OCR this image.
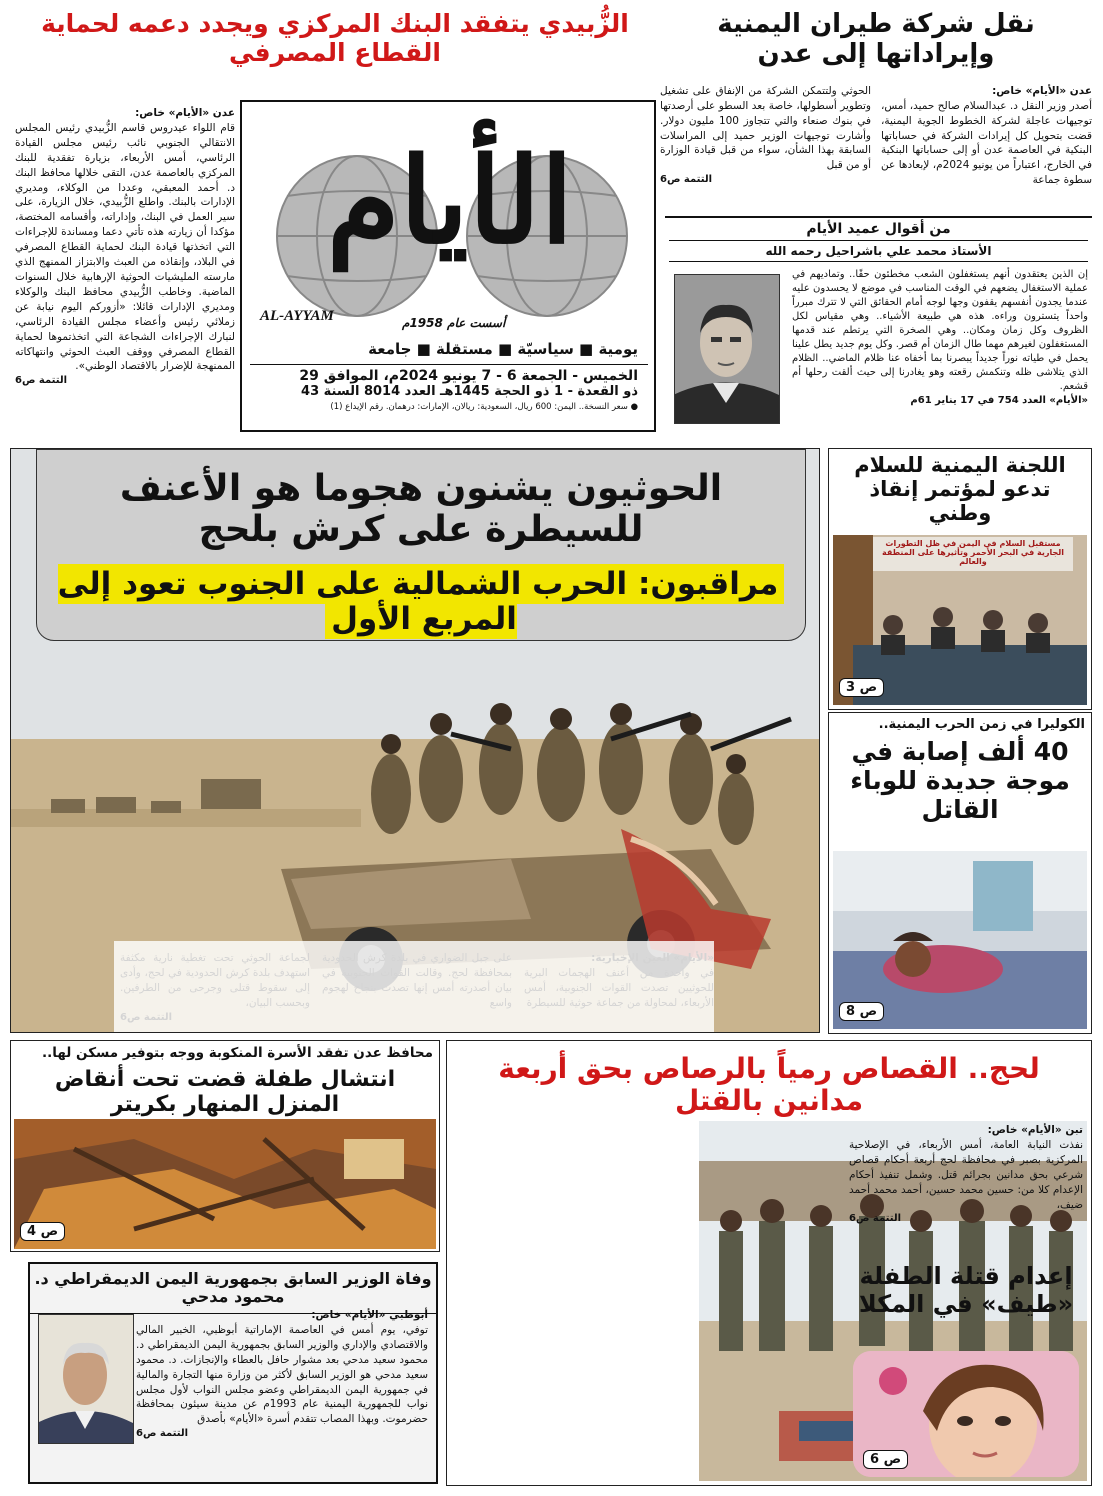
نقل شركة طيران اليمنية وإيراداتها إلى عدن
عدن «الأيام» خاص:
أصدر وزير النقل د. عبدالسلام صالح حميد، أمس، توجيهات عاجلة لشركة الخطوط الجوية اليمنية، قضت بتحويل كل إيرادات الشركة في حساباتها البنكية في العاصمة عدن أو إلى حساباتها البنكية في الخارج، اعتباراً من يونيو 2024م، لإبعادها عن سطوة جماعة
الحوثي ولتتمكن الشركة من الإنفاق على تشغيل وتطوير أسطولها، خاصة بعد السطو على أرصدتها في بنوك صنعاء والتي تتجاوز 100 مليون دولار. وأشارت توجيهات الوزير حميد إلى المراسلات السابقة بهذا الشأن، سواء من قبل قيادة الوزارة أو من قبل
التتمة ص6
من أقوال عميد الأيام
الأستاذ محمد علي باشراحيل رحمه الله
إن الذين يعتقدون أنهم يستغفلون الشعب مخطئون حقًا.. وتماديهم في عملية الاستغفال يضعهم في الوقت المناسب في موضع لا يحسدون عليه عندما يجدون أنفسهم يقفون وجها لوجه أمام الحقائق التي لا تترك مبرراً واحداً يتسترون وراءه. هذه هي طبيعة الأشياء.. وهي مقياس لكل الظروف وكل زمان ومكان.. وهي الصخرة التي يرتطم عند قدمها المستغفلون لغيرهم مهما طال الزمان أم قصر. وكل يوم جديد يطل علينا يحمل في طياته نوراً جديداً يبصرنا بما أخفاه عنا ظلام الماضي.. الظلام الذي يتلاشى ظله وتنكمش رقعته وهو يغادرنا إلى حيث ألقت رحلها أم قشعم.
«الأيام» العدد 754 في 17 يناير 61م
الأيام
AL-AYYAM	أسست عام 1958م
يومية ■ سياسيّة ■ مستقلة ■ جامعة
الخميس - الجمعة 6 - 7 يونيو 2024م، الموافق 29
ذو القعدة - 1 ذو الحجة 1445هـ العدد 8014 السنة 43
● سعر النسخة.. اليمن: 600 ريال، السعودية: ريالان، الإمارات: درهمان. رقم الإيداع (1)
الزُّبيدي يتفقد البنك المركزي ويجدد دعمه لحماية القطاع المصرفي
عدن «الأيام» خاص:
قام اللواء عيدروس قاسم الزُّبيدي رئيس المجلس الانتقالي الجنوبي نائب رئيس مجلس القيادة الرئاسي، أمس الأربعاء، بزيارة تفقدية للبنك المركزي بالعاصمة عدن، التقى خلالها محافظ البنك د. أحمد المعبقي، وعددا من الوكلاء، ومديري الإدارات بالبنك. واطلع الزُّبيدي، خلال الزيارة، على سير العمل في البنك، وإداراته، وأقسامه المختصة، مؤكدا أن زيارته هذه تأتي دعما ومساندة للإجراءات التي اتخذتها قيادة البنك لحماية القطاع المصرفي في البلاد، وإنقاذه من العبث والابتزاز الممنهج الذي مارسته المليشيات الحوثية الإرهابية خلال السنوات الماضية. وخاطب الزُّبيدي محافظ البنك والوكلاء ومديري الإدارات قائلا: «أزوركم اليوم نيابة عن زملائي رئيس وأعضاء مجلس القيادة الرئاسي، لنبارك الإجراءات الشجاعة التي اتخذتموها لحماية القطاع المصرفي ووقف العبث الحوثي وانتهاكاته الممنهجة للإضرار بالاقتصاد الوطني».
التتمة ص6
الحوثيون يشنون هجوما هو الأعنف للسيطرة على كرش بلحج
مراقبون: الحرب الشمالية على الجنوب تعود إلى المربع الأول

اللجنة اليمنية للسلام تدعو لمؤتمر إنقاذ وطني
مستقبل السلام في اليمن في ظل التطورات الجارية في البحر الأحمر وتأثيرها على المنطقة والعالم
ص 3
الكوليرا في زمن الحرب اليمنية..
40 ألف إصابة في موجة جديدة للوباء القاتل
ص 8
محافظ عدن تفقد الأسرة المنكوبة ووجه بتوفير مسكن لها..
انتشال طفلة قضت تحت أنقاض المنزل المنهار بكريتر
ص 4
وفاة الوزير السابق بجمهورية اليمن الديمقراطي د. محمود مدحي
أبوظبي «الأيام» خاص:
توفي، يوم أمس في العاصمة الإماراتية أبوظبي، الخبير المالي والاقتصادي والإداري والوزير السابق بجمهورية اليمن الديمقراطي د. محمود سعيد مدحي بعد مشوار حافل بالعطاء والإنجازات. د. محمود سعيد مدحي هو الوزير السابق لأكثر من وزارة منها التجارة والمالية في جمهورية اليمن الديمقراطي وعضو مجلس النواب لأول مجلس نواب للجمهورية اليمنية عام 1993م عن مدينة سيئون بمحافظة حضرموت. وبهذا المصاب تتقدم أسرة «الأيام» بأصدق
التتمة ص6
لحج.. القصاص رمياً بالرصاص بحق أربعة مدانين بالقتل
تبن «الأيام» خاص:
نفذت النيابة العامة، أمس الأربعاء، في الإصلاحية المركزية بصبر في محافظة لحج أربعة أحكام قصاص شرعي بحق مدانين بجرائم قتل. وشمل تنفيذ أحكام الإعدام كلا من: حسين محمد حسين، أحمد محمد أحمد ضيف،
التتمة ص6
إعدام قتلة الطفلة «طيف» في المكلا
ص 6
